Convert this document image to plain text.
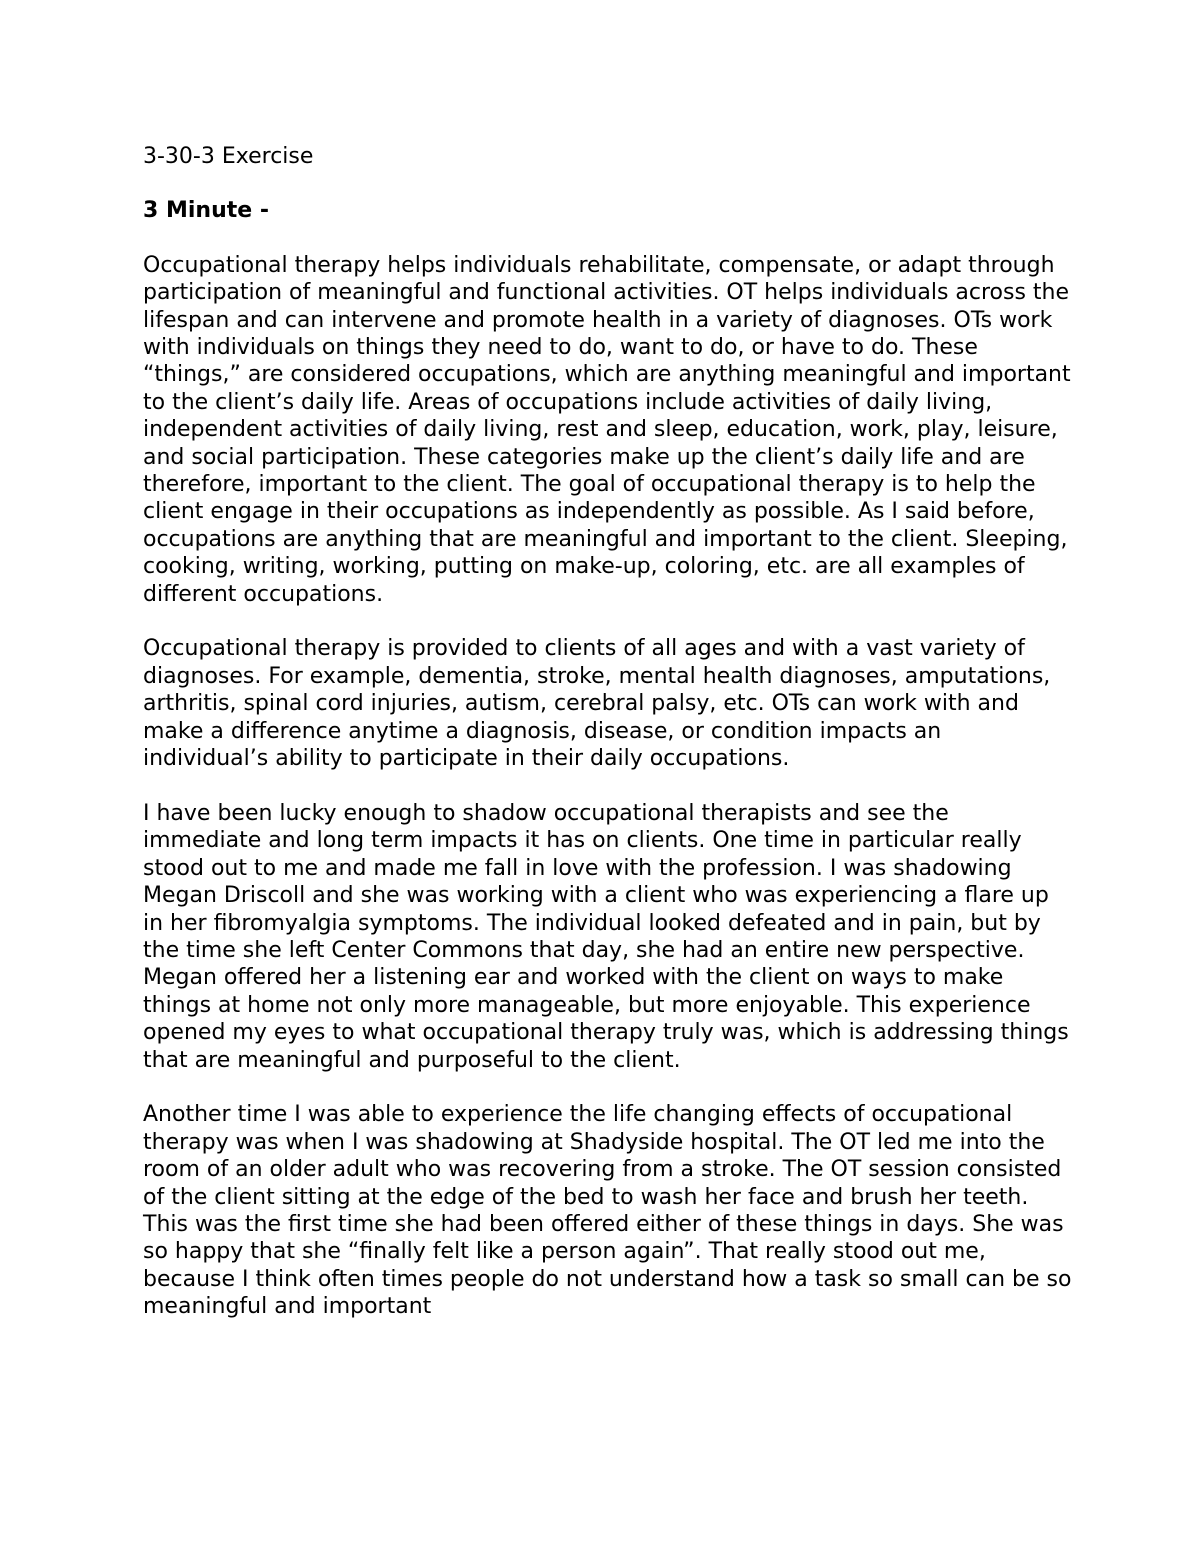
3-30-3 Exercise

3 Minute -

Occupational therapy helps individuals rehabilitate, compensate, or adapt through participation of meaningful and functional activities. OT helps individuals across the lifespan and can intervene and promote health in a variety of diagnoses. OTs work with individuals on things they need to do, want to do, or have to do. These “things,” are considered occupations, which are anything meaningful and important to the client’s daily life. Areas of occupations include activities of daily living, independent activities of daily living, rest and sleep, education, work, play, leisure, and social participation. These categories make up the client’s daily life and are therefore, important to the client. The goal of occupational therapy is to help the client engage in their occupations as independently as possible. As I said before, occupations are anything that are meaningful and important to the client. Sleeping, cooking, writing, working, putting on make-up, coloring, etc. are all examples of different occupations.

Occupational therapy is provided to clients of all ages and with a vast variety of diagnoses. For example, dementia, stroke, mental health diagnoses, amputations, arthritis, spinal cord injuries, autism, cerebral palsy, etc. OTs can work with and make a difference anytime a diagnosis, disease, or condition impacts an individual’s ability to participate in their daily occupations.

I have been lucky enough to shadow occupational therapists and see the immediate and long term impacts it has on clients. One time in particular really stood out to me and made me fall in love with the profession. I was shadowing Megan Driscoll and she was working with a client who was experiencing a flare up in her fibromyalgia symptoms. The individual looked defeated and in pain, but by the time she left Center Commons that day, she had an entire new perspective. Megan offered her a listening ear and worked with the client on ways to make things at home not only more manageable, but more enjoyable. This experience opened my eyes to what occupational therapy truly was, which is addressing things that are meaningful and purposeful to the client.

Another time I was able to experience the life changing effects of occupational therapy was when I was shadowing at Shadyside hospital. The OT led me into the room of an older adult who was recovering from a stroke. The OT session consisted of the client sitting at the edge of the bed to wash her face and brush her teeth. This was the first time she had been offered either of these things in days. She was so happy that she “finally felt like a person again”. That really stood out me, because I think often times people do not understand how a task so small can be so meaningful and important
